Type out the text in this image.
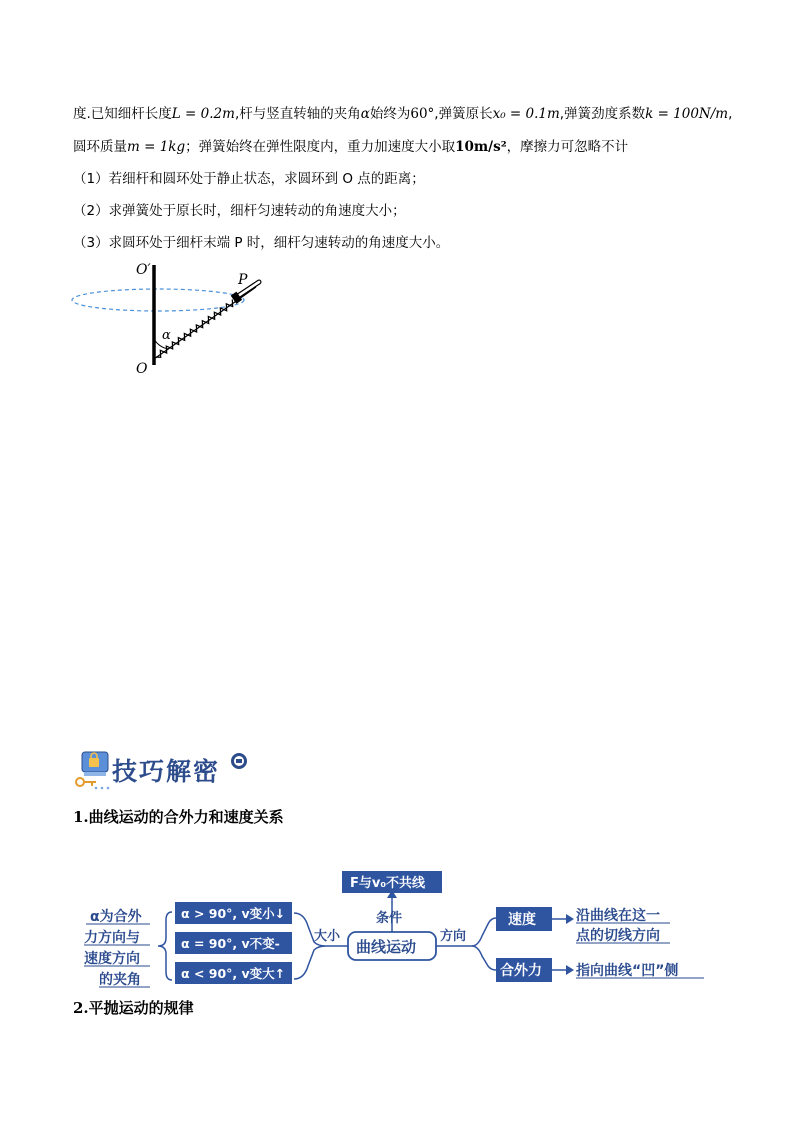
度.已知细杆长度L = 0.2m,杆与竖直转轴的夹角α始终为60°,弹簧原长x₀ = 0.1m,弹簧劲度系数k = 100N/m,
圆环质量m = 1kg；弹簧始终在弹性限度内，重力加速度大小取10m/s²，摩擦力可忽略不计
（1）若细杆和圆环处于静止状态，求圆环到 O 点的距离；
（2）求弹簧处于原长时，细杆匀速转动的角速度大小；
（3）求圆环处于细杆末端 P 时，细杆匀速转动的角速度大小。
α
O′
O
P
技巧解密
1.曲线运动的合外力和速度关系
α为合外
力方向与
速度方向
的夹角
α > 90°, v变小↓
α = 90°, v不变-
α < 90°, v变大↑
大小
曲线运动
条件
F与v₀不共线
方向
速度
合外力
沿曲线在这一
点的切线方向
指向曲线“凹”侧
2.平抛运动的规律
